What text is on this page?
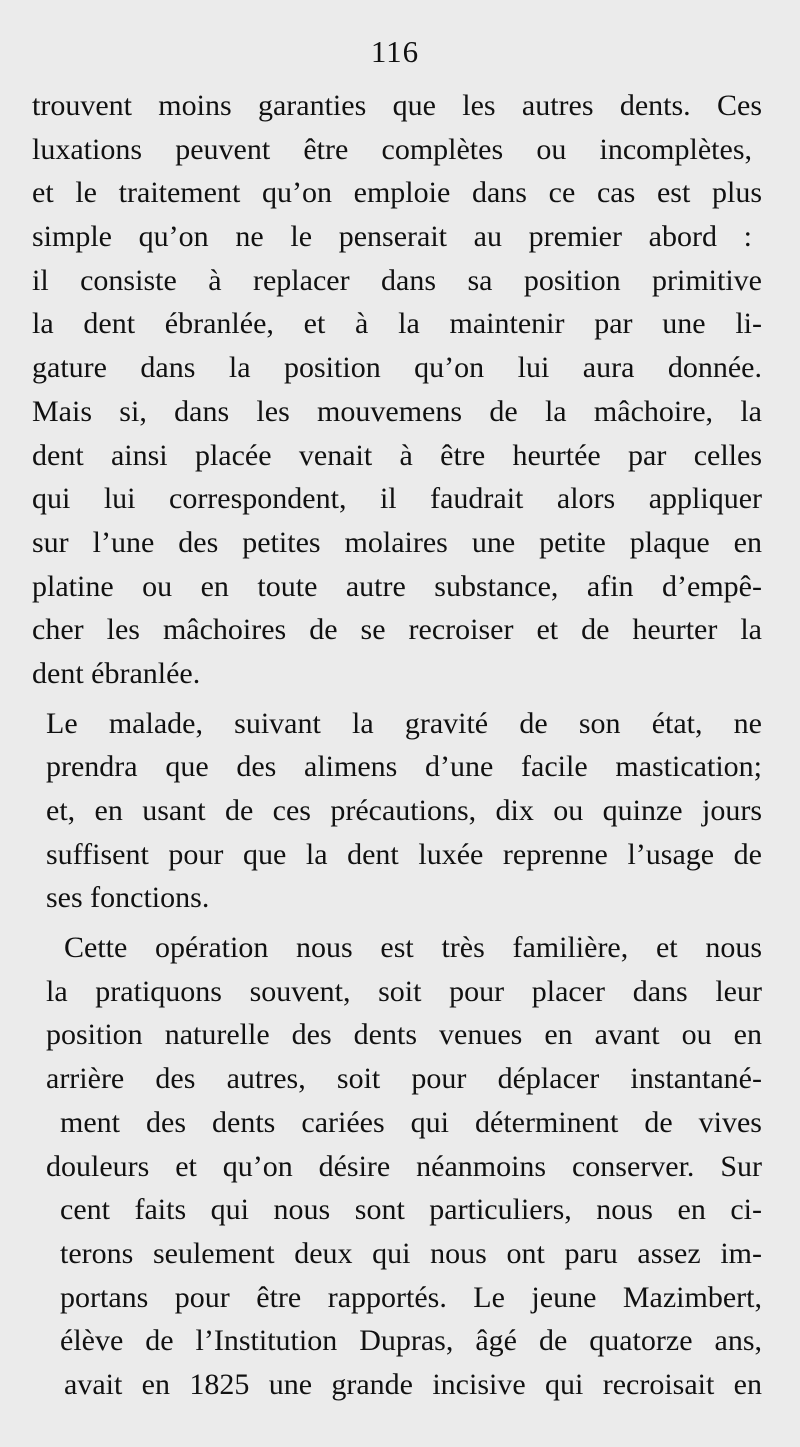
116
trouvent moins garanties que les autres dents. Ces
luxations peuvent être complètes ou incomplètes,
et le traitement qu’on emploie dans ce cas est plus
simple qu’on ne le penserait au premier abord :
il consiste à replacer dans sa position primitive
la dent ébranlée, et à la maintenir par une li-
gature dans la position qu’on lui aura donnée.
Mais si, dans les mouvemens de la mâchoire, la
dent ainsi placée venait à être heurtée par celles
qui lui correspondent, il faudrait alors appliquer
sur l’une des petites molaires une petite plaque en
platine ou en toute autre substance, afin d’empê-
cher les mâchoires de se recroiser et de heurter la
dent ébranlée.
Le malade, suivant la gravité de son état, ne
prendra que des alimens d’une facile mastication;
et, en usant de ces précautions, dix ou quinze jours
suffisent pour que la dent luxée reprenne l’usage de
ses fonctions.
Cette opération nous est très familière, et nous
la pratiquons souvent, soit pour placer dans leur
position naturelle des dents venues en avant ou en
arrière des autres, soit pour déplacer instantané-
ment des dents cariées qui déterminent de vives
douleurs et qu’on désire néanmoins conserver. Sur
cent faits qui nous sont particuliers, nous en ci-
terons seulement deux qui nous ont paru assez im-
portans pour être rapportés. Le jeune Mazimbert,
élève de l’Institution Dupras, âgé de quatorze ans,
avait en 1825 une grande incisive qui recroisait en
